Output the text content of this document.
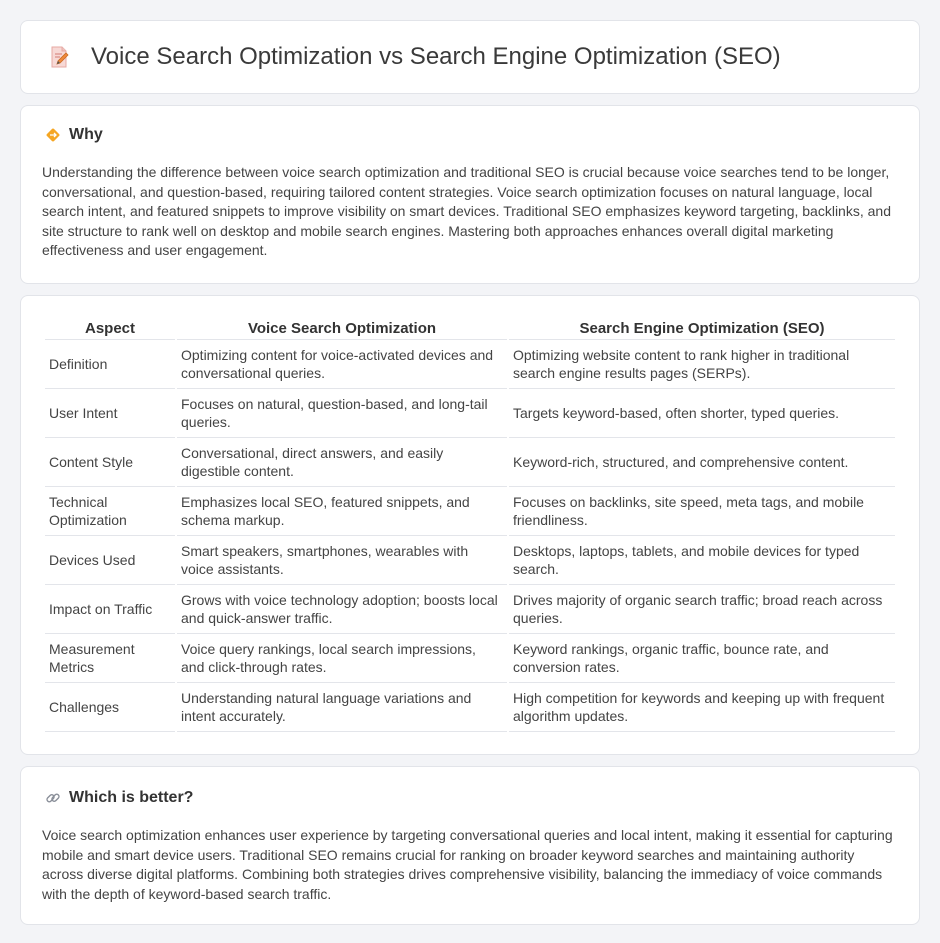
Voice Search Optimization vs Search Engine Optimization (SEO)
Why

Understanding the difference between voice search optimization and traditional SEO is crucial because voice searches tend to be longer, conversational, and question-based, requiring tailored content strategies. Voice search optimization focuses on natural language, local search intent, and featured snippets to improve visibility on smart devices. Traditional SEO emphasizes keyword targeting, backlinks, and site structure to rank well on desktop and mobile search engines. Mastering both approaches enhances overall digital marketing effectiveness and user engagement.

Aspect	Voice Search Optimization	Search Engine Optimization (SEO)
Definition	Optimizing content for voice-activated devices and conversational queries.	Optimizing website content to rank higher in traditional search engine results pages (SERPs).
User Intent	Focuses on natural, question-based, and long-tail queries.	Targets keyword-based, often shorter, typed queries.
Content Style	Conversational, direct answers, and easily digestible content.	Keyword-rich, structured, and comprehensive content.
Technical Optimization	Emphasizes local SEO, featured snippets, and schema markup.	Focuses on backlinks, site speed, meta tags, and mobile friendliness.
Devices Used	Smart speakers, smartphones, wearables with voice assistants.	Desktops, laptops, tablets, and mobile devices for typed search.
Impact on Traffic	Grows with voice technology adoption; boosts local and quick-answer traffic.	Drives majority of organic search traffic; broad reach across queries.
Measurement Metrics	Voice query rankings, local search impressions, and click-through rates.	Keyword rankings, organic traffic, bounce rate, and conversion rates.
Challenges	Understanding natural language variations and intent accurately.	High competition for keywords and keeping up with frequent algorithm updates.
Which is better?

Voice search optimization enhances user experience by targeting conversational queries and local intent, making it essential for capturing mobile and smart device users. Traditional SEO remains crucial for ranking on broader keyword searches and maintaining authority across diverse digital platforms. Combining both strategies drives comprehensive visibility, balancing the immediacy of voice commands with the depth of keyword-based search traffic.
